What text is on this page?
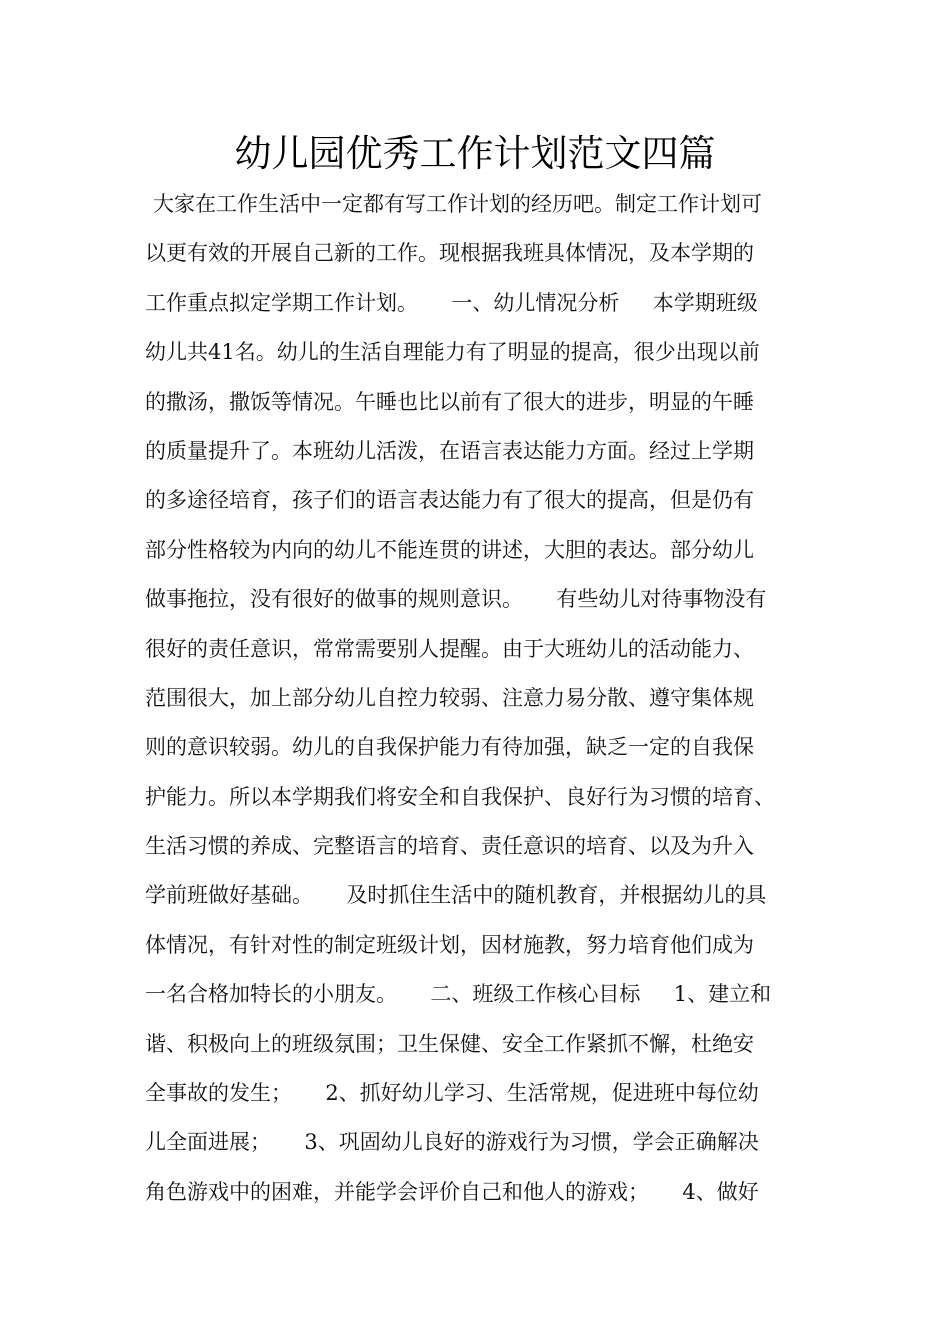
幼儿园优秀工作计划范文四篇
大家在工作生活中一定都有写工作计划的经历吧。制定工作计划可
以更有效的开展自己新的工作。现根据我班具体情况，及本学期的
工作重点拟定学期工作计划。     一、幼儿情况分析     本学期班级
幼儿共41名。幼儿的生活自理能力有了明显的提高，很少出现以前
的撒汤，撒饭等情况。午睡也比以前有了很大的进步，明显的午睡
的质量提升了。本班幼儿活泼，在语言表达能力方面。经过上学期
的多途径培育，孩子们的语言表达能力有了很大的提高，但是仍有
部分性格较为内向的幼儿不能连贯的讲述，大胆的表达。部分幼儿
做事拖拉，没有很好的做事的规则意识。     有些幼儿对待事物没有
很好的责任意识，常常需要别人提醒。由于大班幼儿的活动能力、
范围很大，加上部分幼儿自控力较弱、注意力易分散、遵守集体规
则的意识较弱。幼儿的自我保护能力有待加强，缺乏一定的自我保
护能力。所以本学期我们将安全和自我保护、良好行为习惯的培育、
生活习惯的养成、完整语言的培育、责任意识的培育、以及为升入
学前班做好基础。     及时抓住生活中的随机教育，并根据幼儿的具
体情况，有针对性的制定班级计划，因材施教，努力培育他们成为
一名合格加特长的小朋友。     二、班级工作核心目标     1、建立和
谐、积极向上的班级氛围；卫生保健、安全工作紧抓不懈，杜绝安
全事故的发生；     2、抓好幼儿学习、生活常规，促进班中每位幼
儿全面进展；     3、巩固幼儿良好的游戏行为习惯，学会正确解决
角色游戏中的困难，并能学会评价自己和他人的游戏；     4、做好
